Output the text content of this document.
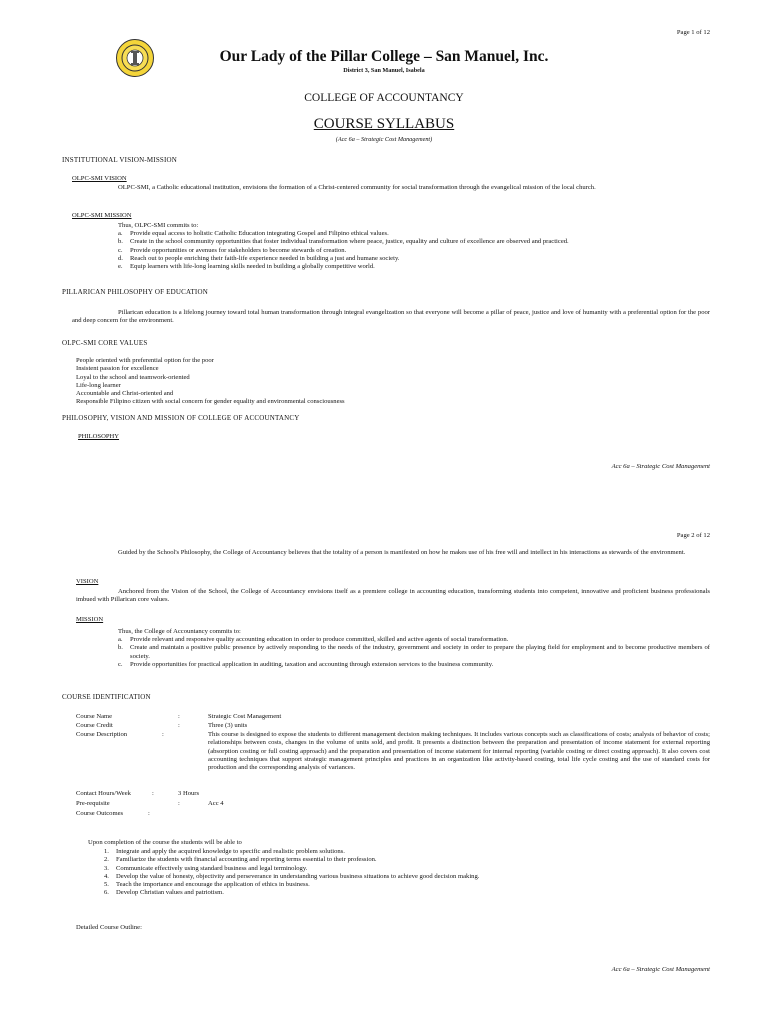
Page 1 of 12
Our Lady of the Pillar College – San Manuel, Inc.
District 3, San Manuel, Isabela
COLLEGE OF ACCOUNTANCY
COURSE SYLLABUS
(Acc 6a – Strategic Cost Management)
INSTITUTIONAL VISION-MISSION
OLPC-SMI VISION
OLPC-SMI, a Catholic educational institution, envisions the formation of a Christ-centered community for social transformation through the evangelical mission of the local church.
OLPC-SMI MISSION
Thus, OLPC-SMI commits to:
a.	Provide equal access to holistic Catholic Education integrating Gospel and Filipino ethical values.
b.	Create in the school community opportunities that foster individual transformation where peace, justice, equality and culture of excellence are observed and practiced.
c.	Provide opportunities or avenues for stakeholders to become stewards of creation.
d.	Reach out to people enriching their faith-life experience needed in building a just and humane society.
e.	Equip learners with life-long learning skills needed in building a globally competitive world.
PILLARICAN PHILOSOPHY OF EDUCATION
Pillarican education is a lifelong journey toward total human transformation through integral evangelization so that everyone will become a pillar of peace, justice and love of humanity with a preferential option for the poor and deep concern for the environment.
OLPC-SMI CORE VALUES
People oriented with preferential option for the poor
Insistent passion for excellence
Loyal to the school and teamwork-oriented
Life-long learner
Accountable and Christ-oriented and
Responsible Filipino citizen with social concern for gender equality and environmental consciousness
PHILOSOPHY, VISION AND MISSION OF COLLEGE OF ACCOUNTANCY
PHILOSOPHY
Acc 6a – Strategic Cost Management
Page 2 of 12
Guided by the School's Philosophy, the College of Accountancy believes that the totality of a person is manifested on how he makes use of his free will and intellect in his interactions as stewards of the environment.
VISION
Anchored from the Vision of the School, the College of Accountancy envisions itself as a premiere college in accounting education, transforming students into competent, innovative and proficient business professionals imbued with Pillarican core values.
MISSION
Thus, the College of Accountancy commits to:
a.	Provide relevant and responsive quality accounting education in order to produce committed, skilled and active agents of social transformation.
b.	Create and maintain a positive public presence by actively responding to the needs of the industry, government and society in order to prepare the playing field for employment and to become productive members of society.
c.	Provide opportunities for practical application in auditing, taxation and accounting through extension services to the business community.
COURSE IDENTIFICATION
Course Name	:	Strategic Cost Management
Course Credit	:	Three (3) units
Course Description	:	This course is designed to expose the students to different management decision making techniques. It includes various concepts such as classifications of costs; analysis of behavior of costs; relationships between costs, changes in the volume of units sold, and profit. It presents a distinction between the preparation and presentation of income statement for external reporting (absorption costing or full costing approach) and the preparation and presentation of income statement for internal reporting (variable costing or direct costing approach). It also covers cost accounting techniques that support strategic management principles and practices in an organization like activity-based costing, total life cycle costing and the use of standard costs for production and the corresponding analysis of variances.
Contact Hours/Week	:	3 Hours
Pre-requisite	:	Acc 4
Course Outcomes	:
Upon completion of the course the students will be able to
1.	Integrate and apply the acquired knowledge to specific and realistic problem solutions.
2.	Familiarize the students with financial accounting and reporting terms essential to their profession.
3.	Communicate effectively using standard business and legal terminology.
4.	Develop the value of honesty, objectivity and perseverance in understanding various business situations to achieve good decision making.
5.	Teach the importance and encourage the application of ethics in business.
6.	Develop Christian values and patriotism.
Detailed Course Outline:
Acc 6a – Strategic Cost Management
